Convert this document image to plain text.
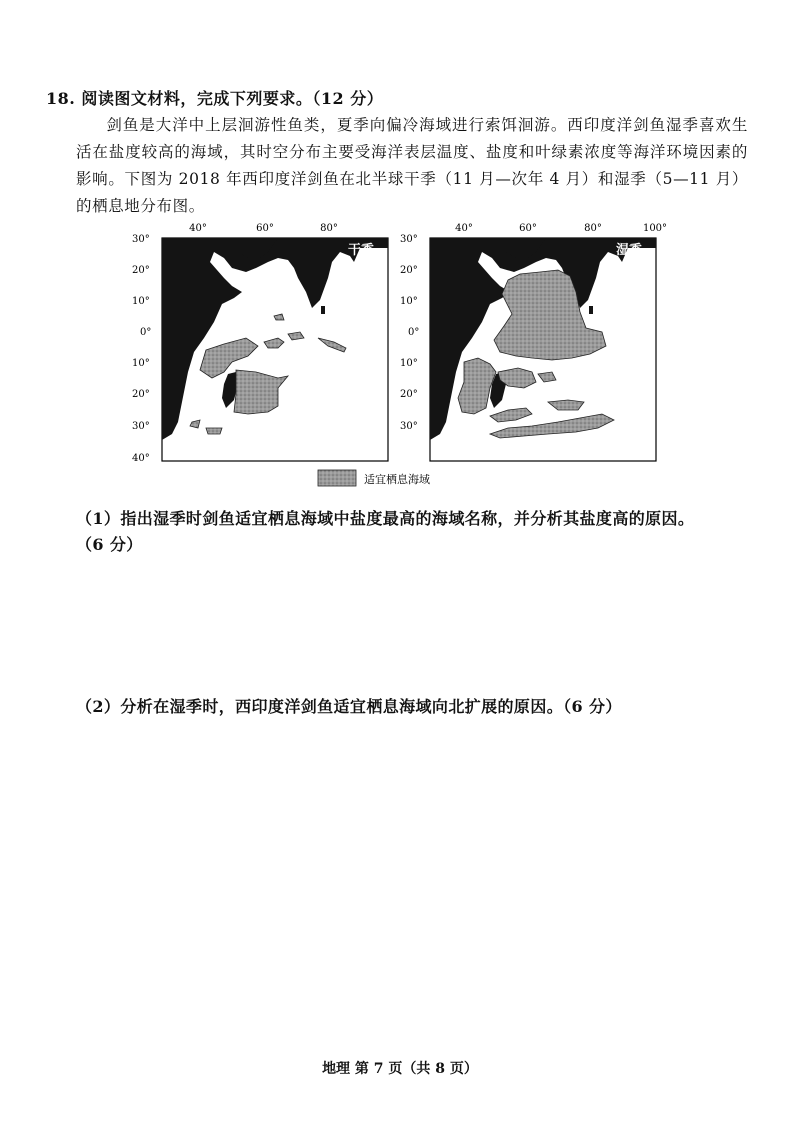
18. 阅读图文材料，完成下列要求。（12 分）
剑鱼是大洋中上层洄游性鱼类，夏季向偏冷海域进行索饵洄游。西印度洋剑鱼湿季喜欢生活在盐度较高的海域，其时空分布主要受海洋表层温度、盐度和叶绿素浓度等海洋环境因素的影响。下图为 2018 年西印度洋剑鱼在北半球干季（11 月—次年 4 月）和湿季（5—11 月）的栖息地分布图。
40°	60°	80°	40°	60°	80°	100°
30°
20°
10°
0°
10°
20°
30°
40°
30°
20°
10°
0°
10°
20°
30°
干季	湿季
适宜栖息海域
（1）指出湿季时剑鱼适宜栖息海域中盐度最高的海域名称，并分析其盐度高的原因。
（6 分）
（2）分析在湿季时，西印度洋剑鱼适宜栖息海域向北扩展的原因。（6 分）
地理 第 7 页（共 8 页）
